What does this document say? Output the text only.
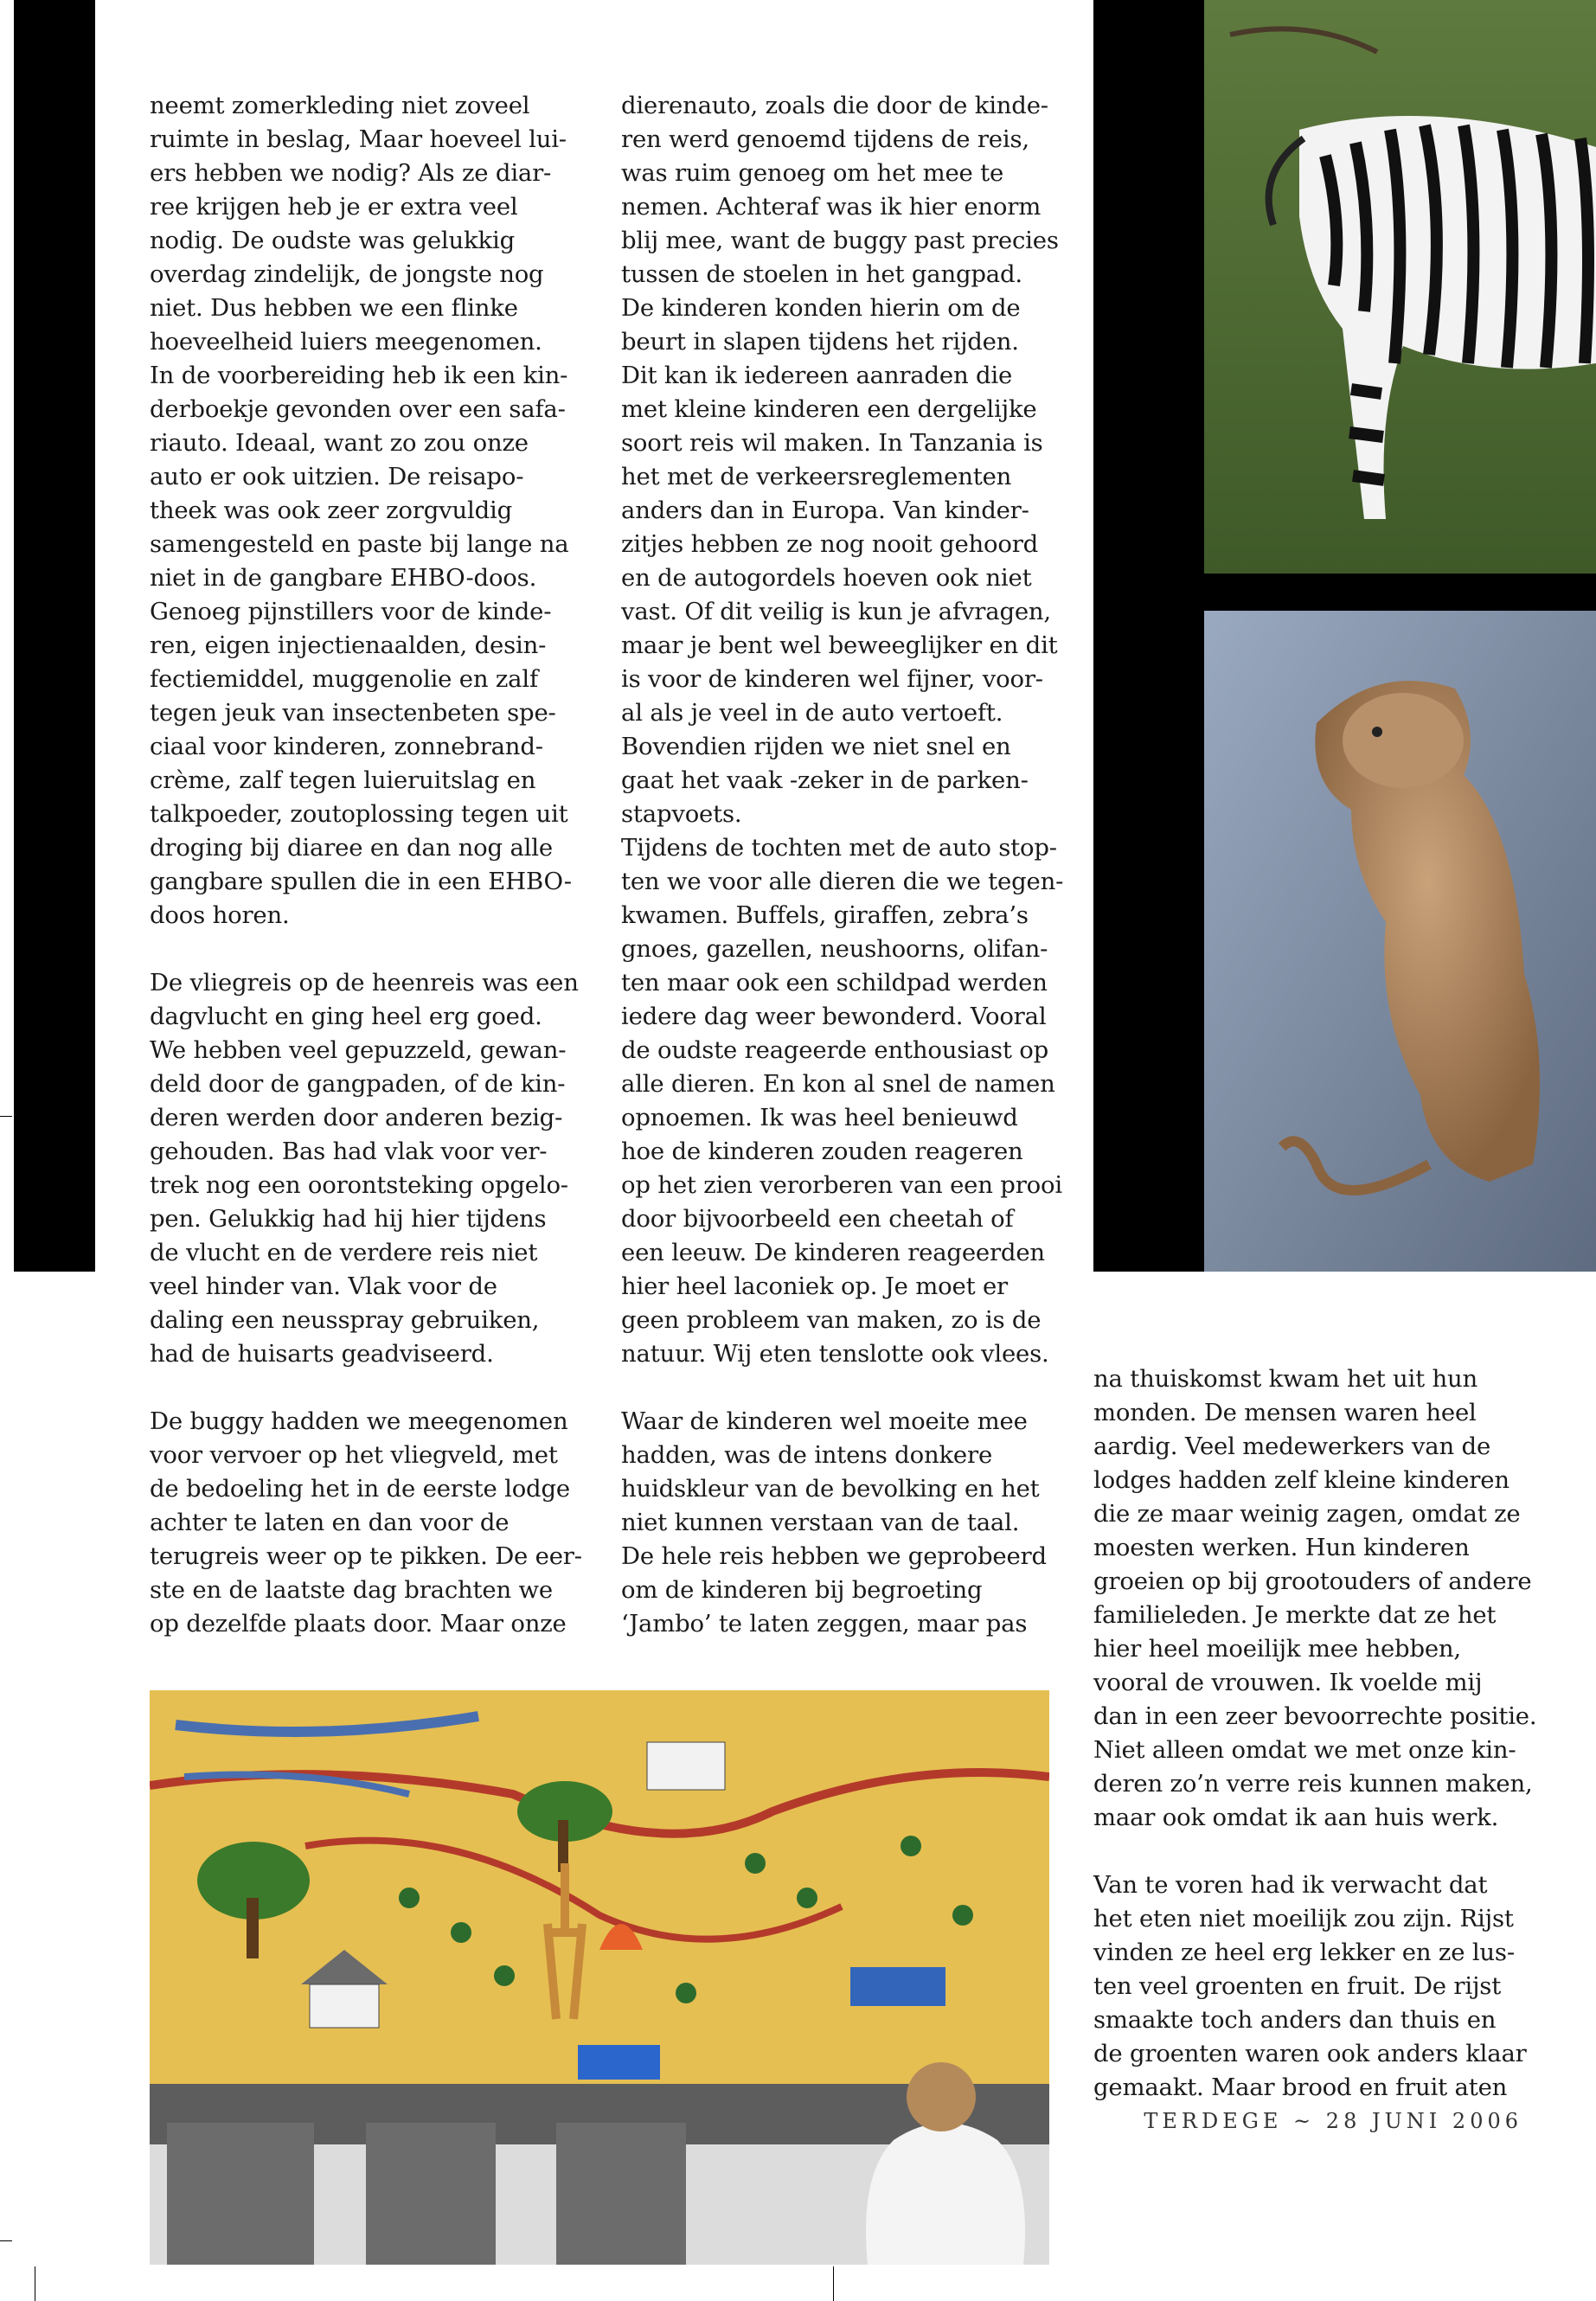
neemt zomerkleding niet zoveel
ruimte in beslag, Maar hoeveel lui-
ers hebben we nodig? Als ze diar-
ree krijgen heb je er extra veel
nodig. De oudste was gelukkig
overdag zindelijk, de jongste nog
niet. Dus hebben we een flinke
hoeveelheid luiers meegenomen.
In de voorbereiding heb ik een kin-
derboekje gevonden over een safa-
riauto. Ideaal, want zo zou onze
auto er ook uitzien. De reisapo-
theek was ook zeer zorgvuldig
samengesteld en paste bij lange na
niet in de gangbare EHBO-doos.
Genoeg pijnstillers voor de kinde-
ren, eigen injectienaalden, desin-
fectiemiddel, muggenolie en zalf
tegen jeuk van insectenbeten spe-
ciaal voor kinderen, zonnebrand-
crème, zalf tegen luieruitslag en
talkpoeder, zoutoplossing tegen uit
droging bij diaree en dan nog alle
gangbare spullen die in een EHBO-
doos horen.

De vliegreis op de heenreis was een
dagvlucht en ging heel erg goed.
We hebben veel gepuzzeld, gewan-
deld door de gangpaden, of de kin-
deren werden door anderen bezig-
gehouden. Bas had vlak voor ver-
trek nog een oorontsteking opgelo-
pen. Gelukkig had hij hier tijdens
de vlucht en de verdere reis niet
veel hinder van. Vlak voor de
daling een neusspray gebruiken,
had de huisarts geadviseerd.

De buggy hadden we meegenomen
voor vervoer op het vliegveld, met
de bedoeling het in de eerste lodge
achter te laten en dan voor de
terugreis weer op te pikken. De eer-
ste en de laatste dag brachten we
op dezelfde plaats door. Maar onze

dierenauto, zoals die door de kinde-
ren werd genoemd tijdens de reis,
was ruim genoeg om het mee te
nemen. Achteraf was ik hier enorm
blij mee, want de buggy past precies
tussen de stoelen in het gangpad.
De kinderen konden hierin om de
beurt in slapen tijdens het rijden.
Dit kan ik iedereen aanraden die
met kleine kinderen een dergelijke
soort reis wil maken. In Tanzania is
het met de verkeersreglementen
anders dan in Europa. Van kinder-
zitjes hebben ze nog nooit gehoord
en de autogordels hoeven ook niet
vast. Of dit veilig is kun je afvragen,
maar je bent wel beweeglijker en dit
is voor de kinderen wel fijner, voor-
al als je veel in de auto vertoeft.
Bovendien rijden we niet snel en
gaat het vaak -zeker in de parken-
stapvoets.
Tijdens de tochten met de auto stop-
ten we voor alle dieren die we tegen-
kwamen. Buffels, giraffen, zebra’s
gnoes, gazellen, neushoorns, olifan-
ten maar ook een schildpad werden
iedere dag weer bewonderd. Vooral
de oudste reageerde enthousiast op
alle dieren. En kon al snel de namen
opnoemen. Ik was heel benieuwd
hoe de kinderen zouden reageren
op het zien verorberen van een prooi
door bijvoorbeeld een cheetah of
een leeuw. De kinderen reageerden
hier heel laconiek op. Je moet er
geen probleem van maken, zo is de
natuur. Wij eten tenslotte ook vlees.

Waar de kinderen wel moeite mee
hadden, was de intens donkere
huidskleur van de bevolking en het
niet kunnen verstaan van de taal.
De hele reis hebben we geprobeerd
om de kinderen bij begroeting
‘Jambo’ te laten zeggen, maar pas

na thuiskomst kwam het uit hun
monden. De mensen waren heel
aardig. Veel medewerkers van de
lodges hadden zelf kleine kinderen
die ze maar weinig zagen, omdat ze
moesten werken. Hun kinderen
groeien op bij grootouders of andere
familieleden. Je merkte dat ze het
hier heel moeilijk mee hebben,
vooral de vrouwen. Ik voelde mij
dan in een zeer bevoorrechte positie.
Niet alleen omdat we met onze kin-
deren zo’n verre reis kunnen maken,
maar ook omdat ik aan huis werk.

Van te voren had ik verwacht dat
het eten niet moeilijk zou zijn. Rijst
vinden ze heel erg lekker en ze lus-
ten veel groenten en fruit. De rijst
smaakte toch anders dan thuis en
de groenten waren ook anders klaar
gemaakt. Maar brood en fruit aten

TERDEGE ~ 28 JUNI 2006
